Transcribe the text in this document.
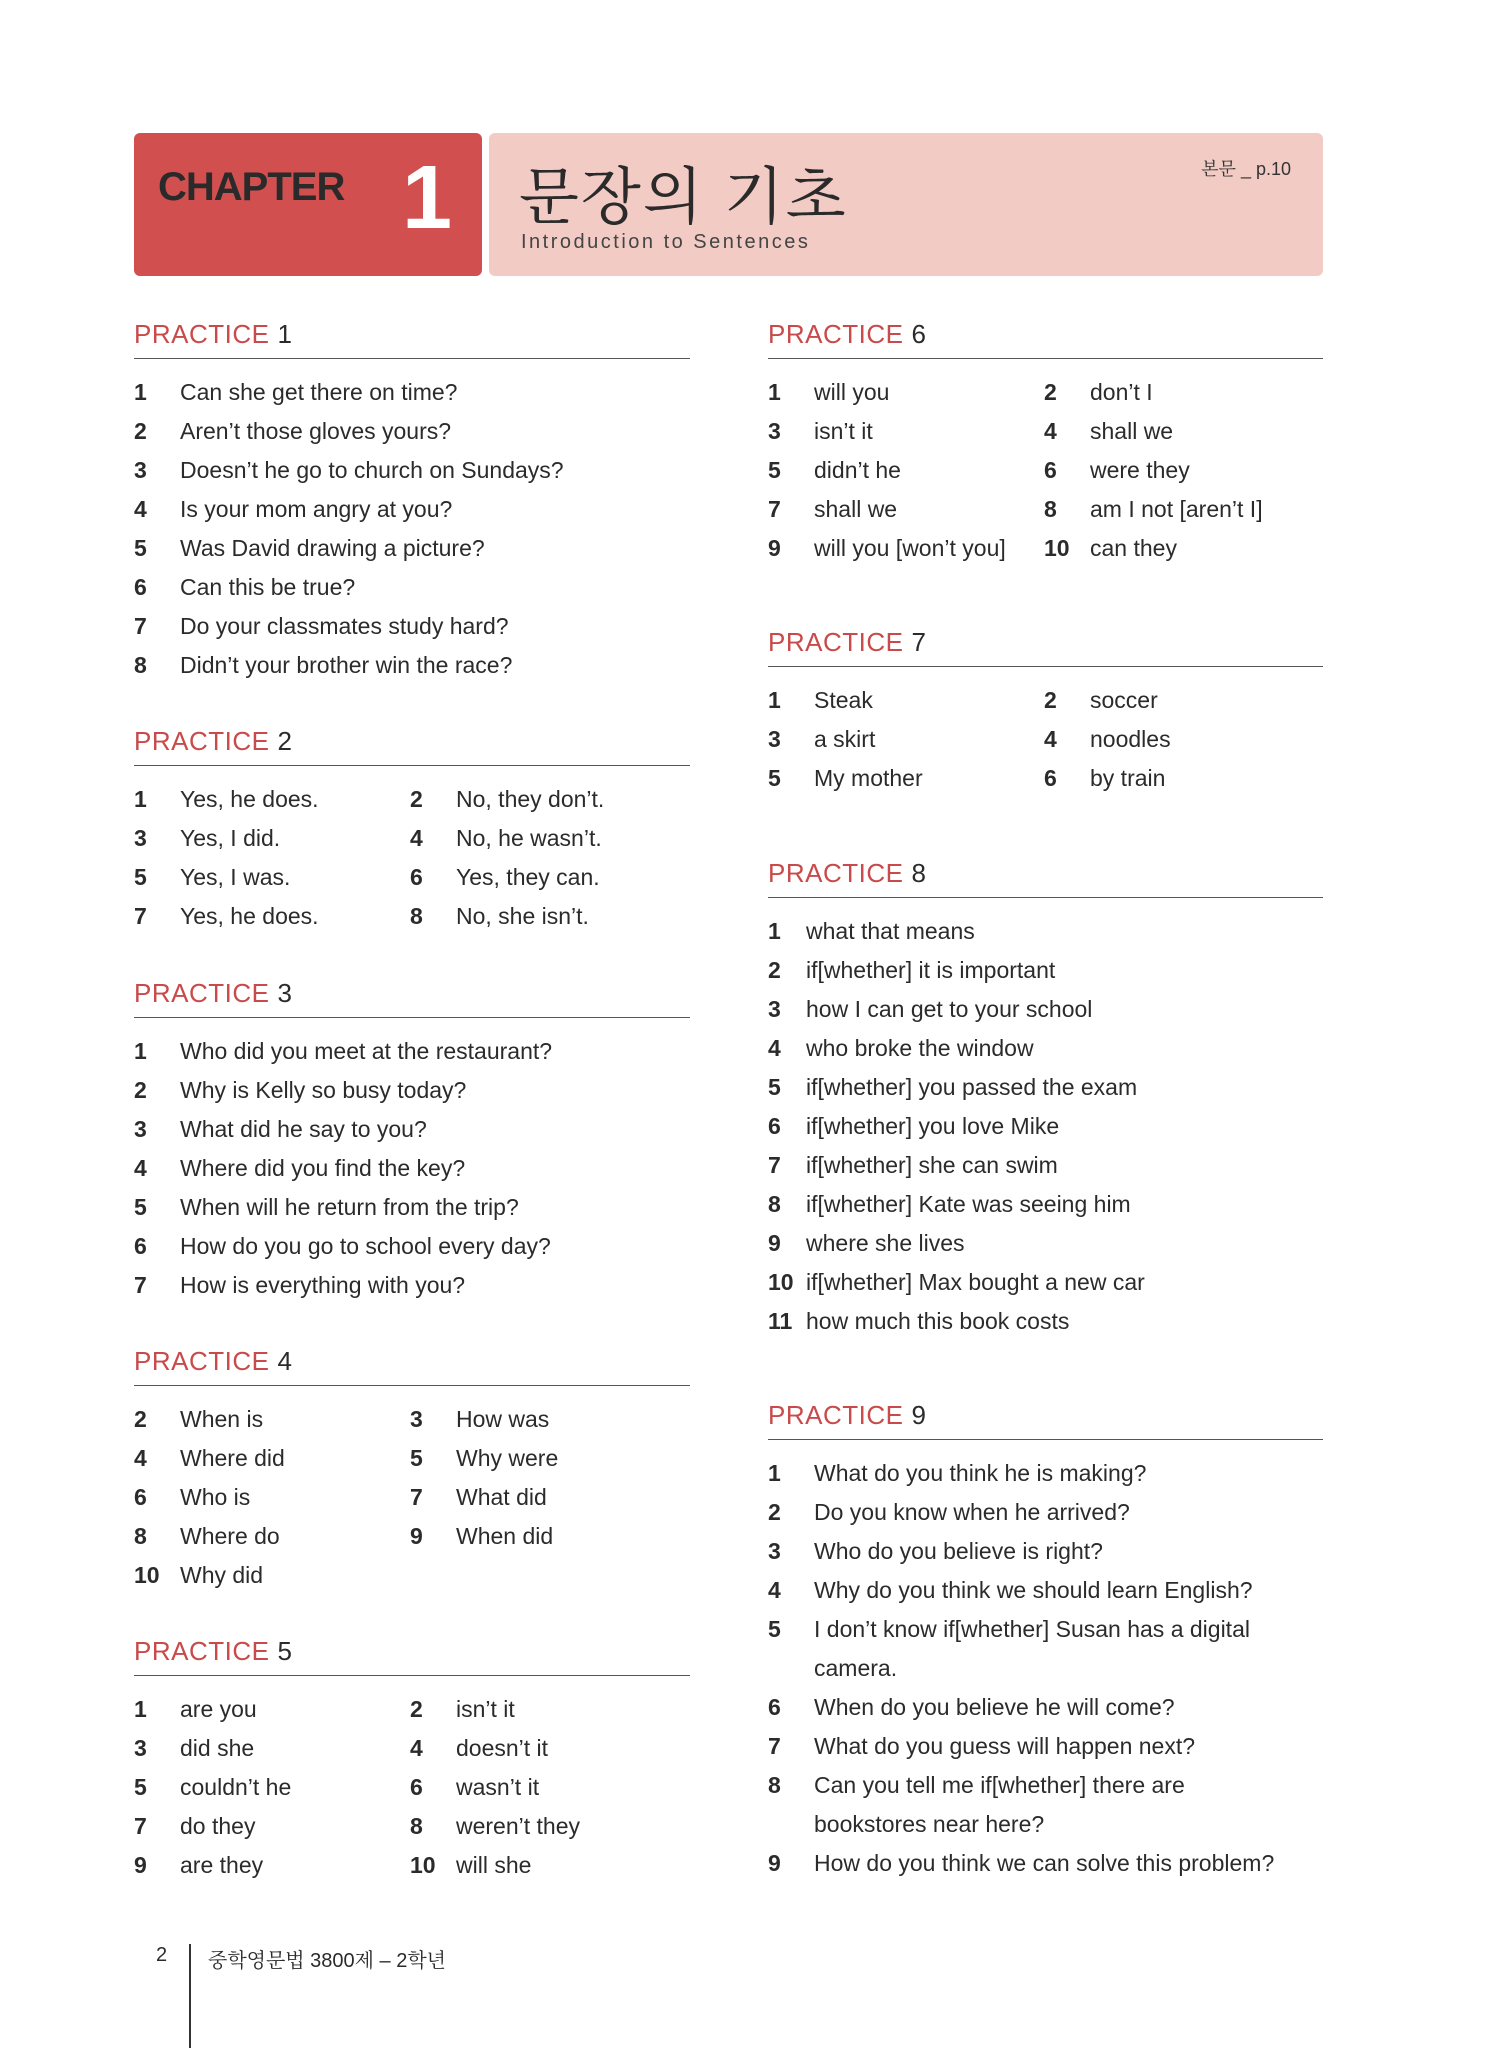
CHAPTER 1 문장의 기초
Introduction to Sentences
본문 _ p.10
PRACTICE 1
1	Can she get there on time?
2	Aren’t those gloves yours?
3	Doesn’t he go to church on Sundays?
4	Is your mom angry at you?
5	Was David drawing a picture?
6	Can this be true?
7	Do your classmates study hard?
8	Didn’t your brother win the race?
PRACTICE 2
1	Yes, he does.	2	No, they don’t.
3	Yes, I did.	4	No, he wasn’t.
5	Yes, I was.	6	Yes, they can.
7	Yes, he does.	8	No, she isn’t.
PRACTICE 3
1	Who did you meet at the restaurant?
2	Why is Kelly so busy today?
3	What did he say to you?
4	Where did you find the key?
5	When will he return from the trip?
6	How do you go to school every day?
7	How is everything with you?
PRACTICE 4
2	When is	3	How was
4	Where did	5	Why were
6	Who is	7	What did
8	Where do	9	When did
10 Why did
PRACTICE 5
1	are you	2	isn’t it
3	did she	4	doesn’t it
5	couldn’t he	6	wasn’t it
7	do they	8	weren’t they
9	are they	10 will she
PRACTICE 6
1	will you	2	don’t I
3	isn’t it	4	shall we
5	didn’t he	6	were they
7	shall we	8	am I not [aren’t I]
9	will you [won’t you] 10 can they
PRACTICE 7
1	Steak	2	soccer
3	a skirt	4	noodles
5	My mother	6	by train
PRACTICE 8
1	what that means
2	if[whether] it is important
3	how I can get to your school
4	who broke the window
5	if[whether] you passed the exam
6	if[whether] you love Mike
7	if[whether] she can swim
8	if[whether] Kate was seeing him
9	where she lives
10 if[whether] Max bought a new car
11 how much this book costs
PRACTICE 9
1	What do you think he is making?
2	Do you know when he arrived?
3	Who do you believe is right?
4	Why do you think we should learn English?
5	I don’t know if[whether] Susan has a digital
camera.
6	When do you believe he will come?
7	What do you guess will happen next?
8	Can you tell me if[whether] there are
bookstores near here?
9	How do you think we can solve this problem?
2 중학영문법 3800제 – 2학년
